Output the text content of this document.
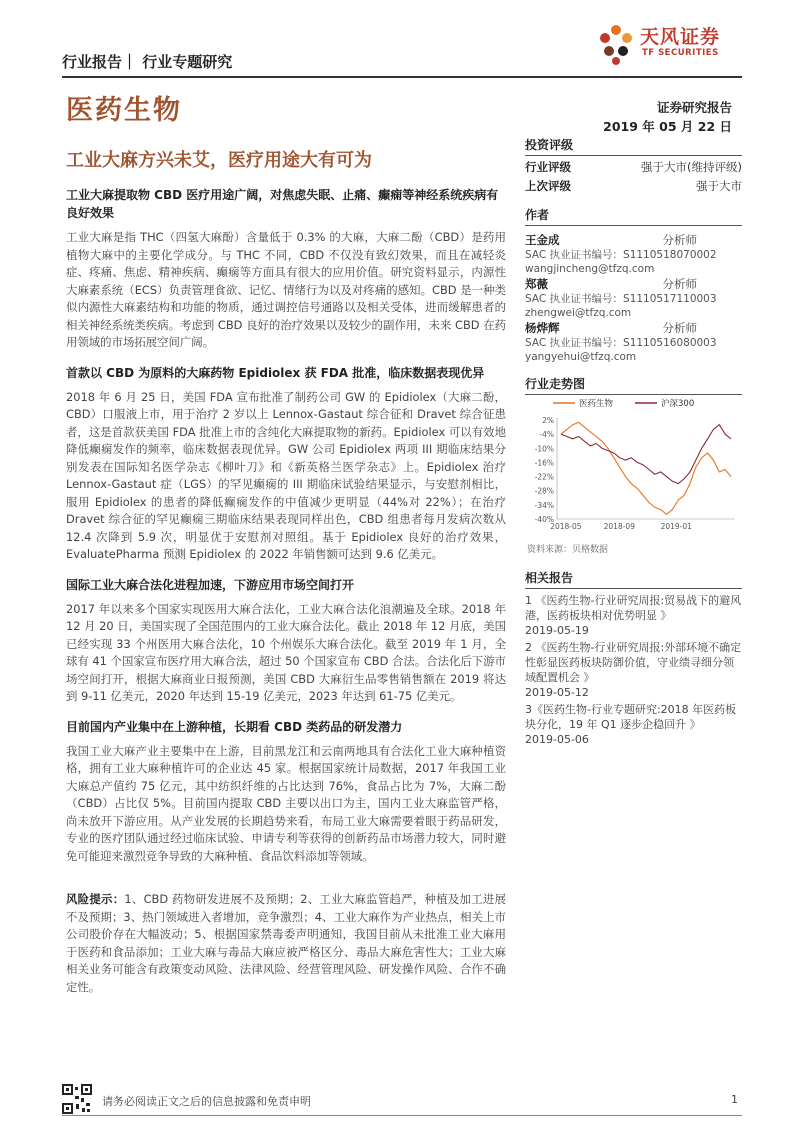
行业报告｜ 行业专题研究
医药生物
天风证券
TF SECURITIES
证券研究报告
2019 年 05 月 22 日
工业大麻方兴未艾，医疗用途大有可为
工业大麻提取物 CBD 医疗用途广阔，对焦虑失眠、止痛、癫痫等神经系统疾病有良好效果
工业大麻是指 THC（四氢大麻酚）含量低于 0.3% 的大麻，大麻二酚（CBD）是药用植物大麻中的主要化学成分。与 THC 不同，CBD 不仅没有致幻效果，而且在减轻炎症、疼痛、焦虑、精神疾病、癫痫等方面具有很大的应用价值。研究资料显示，内源性大麻素系统（ECS）负责管理食欲、记忆、情绪行为以及对疼痛的感知。CBD 是一种类似内源性大麻素结构和功能的物质，通过调控信号通路以及相关受体，进而缓解患者的相关神经系统类疾病。考虑到 CBD 良好的治疗效果以及较少的副作用，未来 CBD 在药用领域的市场拓展空间广阔。
首款以 CBD 为原料的大麻药物 Epidiolex 获 FDA 批准，临床数据表现优异
2018 年 6 月 25 日，美国 FDA 宣布批准了制药公司 GW 的 Epidiolex（大麻二酚，CBD）口服液上市，用于治疗 2 岁以上 Lennox-Gastaut 综合征和 Dravet 综合征患者，这是首款获美国 FDA 批准上市的含纯化大麻提取物的新药。Epidiolex 可以有效地降低癫痫发作的频率，临床数据表现优异。GW 公司 Epidiolex 两项 III 期临床结果分别发表在国际知名医学杂志《柳叶刀》和《新英格兰医学杂志》上。Epidiolex 治疗 Lennox-Gastaut 症（LGS）的罕见癫痫的 III 期临床试验结果显示，与安慰剂相比，服用 Epidiolex 的患者的降低癫痫发作的中值减少更明显（44%对 22%）；在治疗 Dravet 综合征的罕见癫痫三期临床结果表现同样出色，CBD 组患者每月发病次数从 12.4 次降到 5.9 次，明显优于安慰剂对照组。基于 Epidiolex 良好的治疗效果，EvaluatePharma 预测 Epidiolex 的 2022 年销售额可达到 9.6 亿美元。
国际工业大麻合法化进程加速，下游应用市场空间打开
2017 年以来多个国家实现医用大麻合法化，工业大麻合法化浪潮遍及全球。2018 年 12 月 20 日，美国实现了全国范围内的工业大麻合法化。截止 2018 年 12 月底，美国已经实现 33 个州医用大麻合法化，10 个州娱乐大麻合法化。截至 2019 年 1 月，全球有 41 个国家宣布医疗用大麻合法，超过 50 个国家宣布 CBD 合法。合法化后下游市场空间打开，根据大麻商业日报预测，美国 CBD 大麻衍生品零售销售额在 2019 将达到 9-11 亿美元，2020 年达到 15-19 亿美元，2023 年达到 61-75 亿美元。
目前国内产业集中在上游种植，长期看 CBD 类药品的研发潜力
我国工业大麻产业主要集中在上游，目前黑龙江和云南两地具有合法化工业大麻种植资格，拥有工业大麻种植许可的企业达 45 家。根据国家统计局数据，2017 年我国工业大麻总产值约 75 亿元，其中纺织纤维的占比达到 76%，食品占比为 7%，大麻二酚（CBD）占比仅 5%。目前国内提取 CBD 主要以出口为主，国内工业大麻监管严格，尚未放开下游应用。从产业发展的长期趋势来看，布局工业大麻需要着眼于药品研发，专业的医疗团队通过经过临床试验、申请专利等获得的创新药品市场潜力较大，同时避免可能迎来激烈竞争导致的大麻种植、食品饮料添加等领域。
风险提示：1、CBD 药物研发进展不及预期；2、工业大麻监管趋严，种植及加工进展不及预期；3、热门领域进入者增加，竞争激烈；4、工业大麻作为产业热点，相关上市公司股价存在大幅波动；5、根据国家禁毒委声明通知，我国目前从未批准工业大麻用于医药和食品添加；工业大麻与毒品大麻应被严格区分、毒品大麻危害性大；工业大麻相关业务可能含有政策变动风险、法律风险、经营管理风险、研发操作风险、合作不确定性。
投资评级
行业评级	强于大市(维持评级)
上次评级	强于大市
作者
王金成	分析师
SAC 执业证书编号：S1110518070002
wangjincheng@tfzq.com
郑薇	分析师
SAC 执业证书编号：S1110517110003
zhengwei@tfzq.com
杨烨辉	分析师
SAC 执业证书编号：S1110516080003
yangyehui@tfzq.com
行业走势图
医药生物	沪深300
2%
-4%
-10%
-16%
-22%
-28%
-34%
-40%
2018-05	2018-09	2019-01
资料来源：贝格数据
相关报告
1 《医药生物-行业研究周报:贸易战下的避风港，医药板块相对优势明显 》
2019-05-19
2 《医药生物-行业研究周报:外部环境不确定性彰显医药板块防御价值，守业绩寻细分领域配置机会 》
2019-05-12
3《医药生物-行业专题研究:2018 年医药板块分化，19 年 Q1 逐步企稳回升 》
2019-05-06
请务必阅读正文之后的信息披露和免责申明	1
